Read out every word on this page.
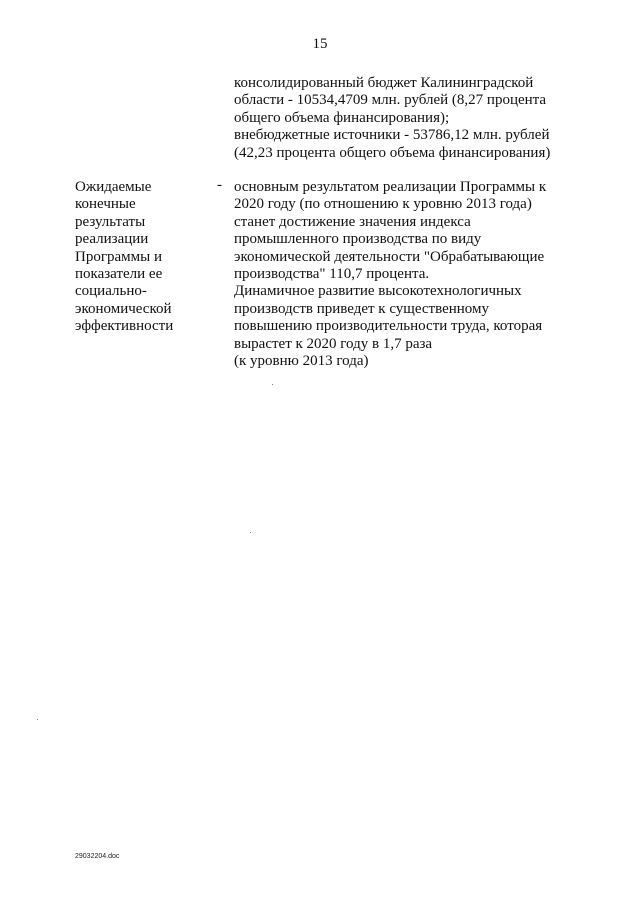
15
консолидированный бюджет Калининградской
области - 10534,4709 млн. рублей (8,27 процента
общего объема финансирования);
внебюджетные источники - 53786,12 млн. рублей
(42,23 процента общего объема финансирования)
Ожидаемые
конечные
результаты
реализации
Программы и
показатели ее
социально-
экономической
эффективности
- основным результатом реализации Программы к
2020 году (по отношению к уровню 2013 года)
станет достижение значения индекса
промышленного производства по виду
экономической деятельности "Обрабатывающие
производства" 110,7 процента.
Динамичное развитие высокотехнологичных
производств приведет к существенному
повышению производительности труда, которая
вырастет к 2020 году в 1,7 раза
(к уровню 2013 года)
29032204.doc
